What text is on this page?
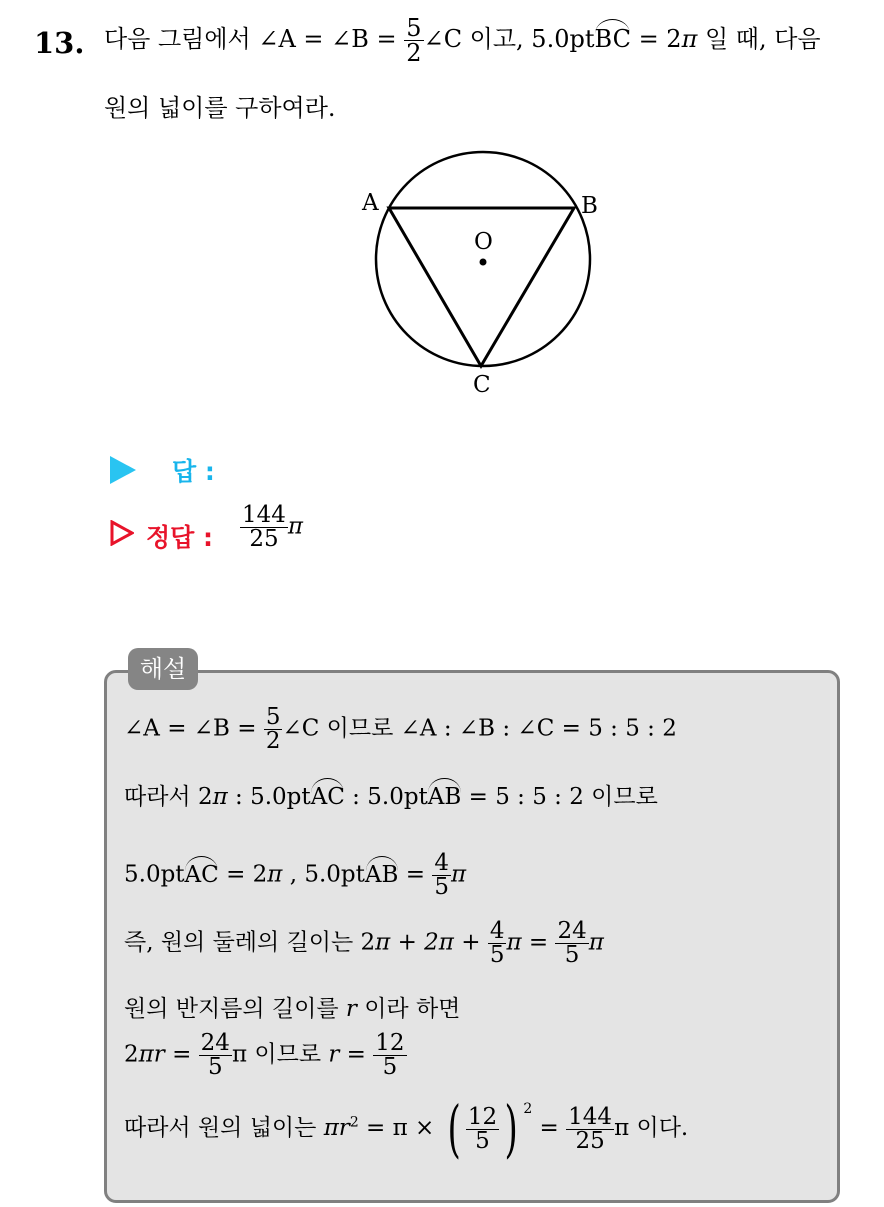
13. 다음 그림에서 ∠A = ∠B = $\frac{5}{2}$ ∠C 이고, 5.0ptBC = 2π 일 때, 다음
원의 넓이를 구하여라.
A	B
C
O
답 :
정답 : $\frac{144}{25}$ π
해설
∠A = ∠B = $\frac{5}{2}$ ∠C 이므로 ∠A : ∠B : ∠C = 5 : 5 : 2
따라서 2π : 5.0ptAC : 5.0ptAB = 5 : 5 : 2 이므로
5.0ptAC = 2π , 5.0ptAB = $\frac{4}{5}$ π
즉, 원의 둘레의 길이는 $2\pi + 2\pi + \frac{4}{5}$ $\pi = \frac{24}{5}$ π
원의 반지름의 길이를 r 이라 하면
$2\pi r = \frac{24}{5}$ π 이므로 $r = \frac{12}{5}$
따라서 원의 넓이는 $\pi r^2 = \pi$ × ( $\frac{12}{5}$ ) $^2 = \frac{144}{25}$ π 이다.
